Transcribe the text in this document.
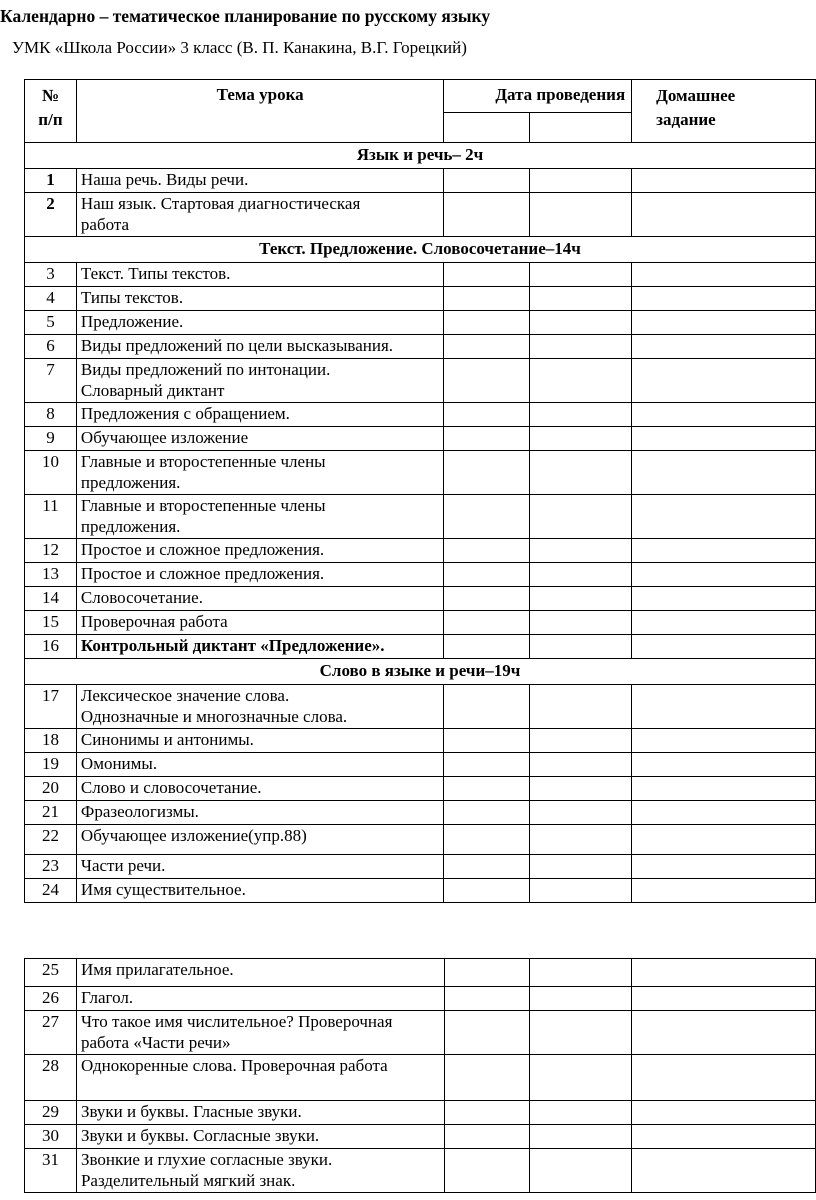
Календарно – тематическое планирование по русскому языку
УМК «Школа России» 3 класс (В. П. Канакина, В.Г. Горецкий)
№
п/п	Тема урока	Дата проведения		Домашнее
задание

Язык и речь– 2ч				
1	Наша речь. Виды речи.			

2	Наш язык. Стартовая диагностическая
работа			

Текст. Предложение. Словосочетание–14ч				
3	Текст. Типы текстов.			

4	Типы текстов.			

5	Предложение.			

6	Виды предложений по цели высказывания.			

7	Виды предложений по интонации.
Словарный диктант			

8	Предложения с обращением.			

9	Обучающее изложение			

10	Главные и второстепенные члены
предложения.			

11	Главные и второстепенные члены
предложения.			

12	Простое и сложное предложения.			

13	Простое и сложное предложения.			

14	Словосочетание.			

15	Проверочная работа			

16	Контрольный диктант «Предложение».			

Слово в языке и речи–19ч				
17	Лексическое значение слова.
Однозначные и многозначные слова.			

18	Синонимы и антонимы.			

19	Омонимы.			

20	Слово и словосочетание.			

21	Фразеологизмы.			

22	Обучающее изложение(упр.88)			

23	Части речи.			

24	Имя существительное.			

25	Имя прилагательное.			

26	Глагол.			

27	Что такое имя числительное? Проверочная
работа «Части речи»			

28	Однокоренные слова. Проверочная работа			

29	Звуки и буквы. Гласные звуки.			

30	Звуки и буквы. Согласные звуки.			

31	Звонкие и глухие согласные звуки.
Разделительный мягкий знак.			
